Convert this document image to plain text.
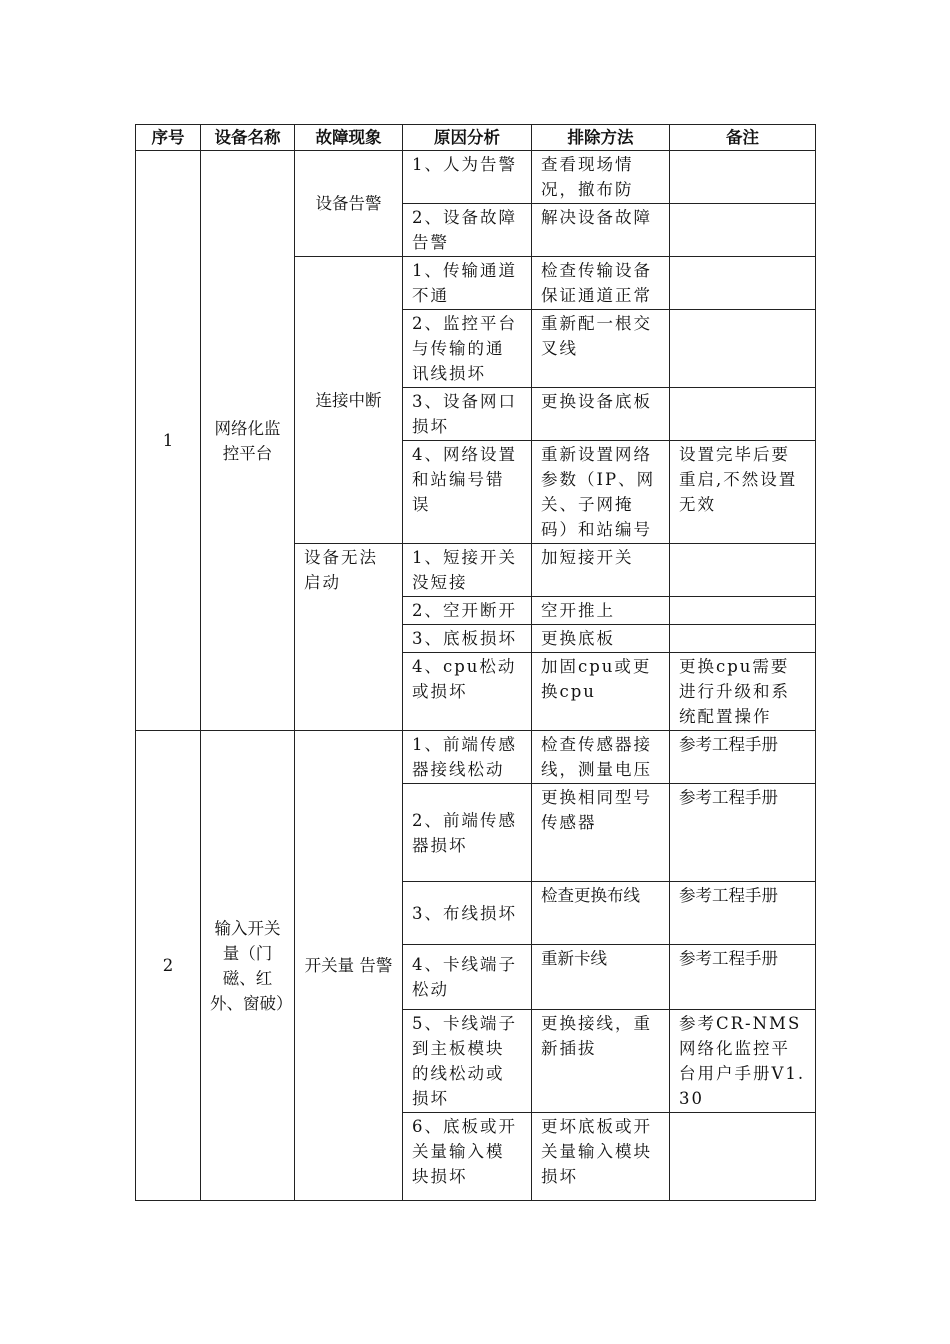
序号	设备名称	故障现象	原因分析	排除方法	备注
1	网络化监控平台	设备告警	1、人为告警	查看现场情况，撤布防	
			2、设备故障告警	解决设备故障	
		连接中断	1、传输通道不通	检查传输设备保证通道正常	
			2、监控平台与传输的通讯线损坏	重新配一根交叉线	
			3、设备网口损坏	更换设备底板	
			4、网络设置和站编号错误	重新设置网络参数（IP、网关、子网掩码）和站编号	设置完毕后要重启,不然设置无效
		设备无法启动	1、短接开关没短接	加短接开关	
			2、空开断开	空开推上	
			3、底板损坏	更换底板	
			4、cpu松动或损坏	加固cpu或更换cpu	更换cpu需要进行升级和系统配置操作
2	输入开关量（门磁、红外、窗破）	开关量 告警	1、前端传感器接线松动	检查传感器接线，测量电压	参考工程手册
			2、前端传感器损坏	更换相同型号传感器	参考工程手册
			3、布线损坏	检查更换布线	参考工程手册
			4、卡线端子松动	重新卡线	参考工程手册
			5、卡线端子到主板模块的线松动或损坏	更换接线，重新插拔	参考CR-NMS网络化监控平台用户手册V1.30
			6、底板或开关量输入模块损坏	更坏底板或开关量输入模块损坏	
